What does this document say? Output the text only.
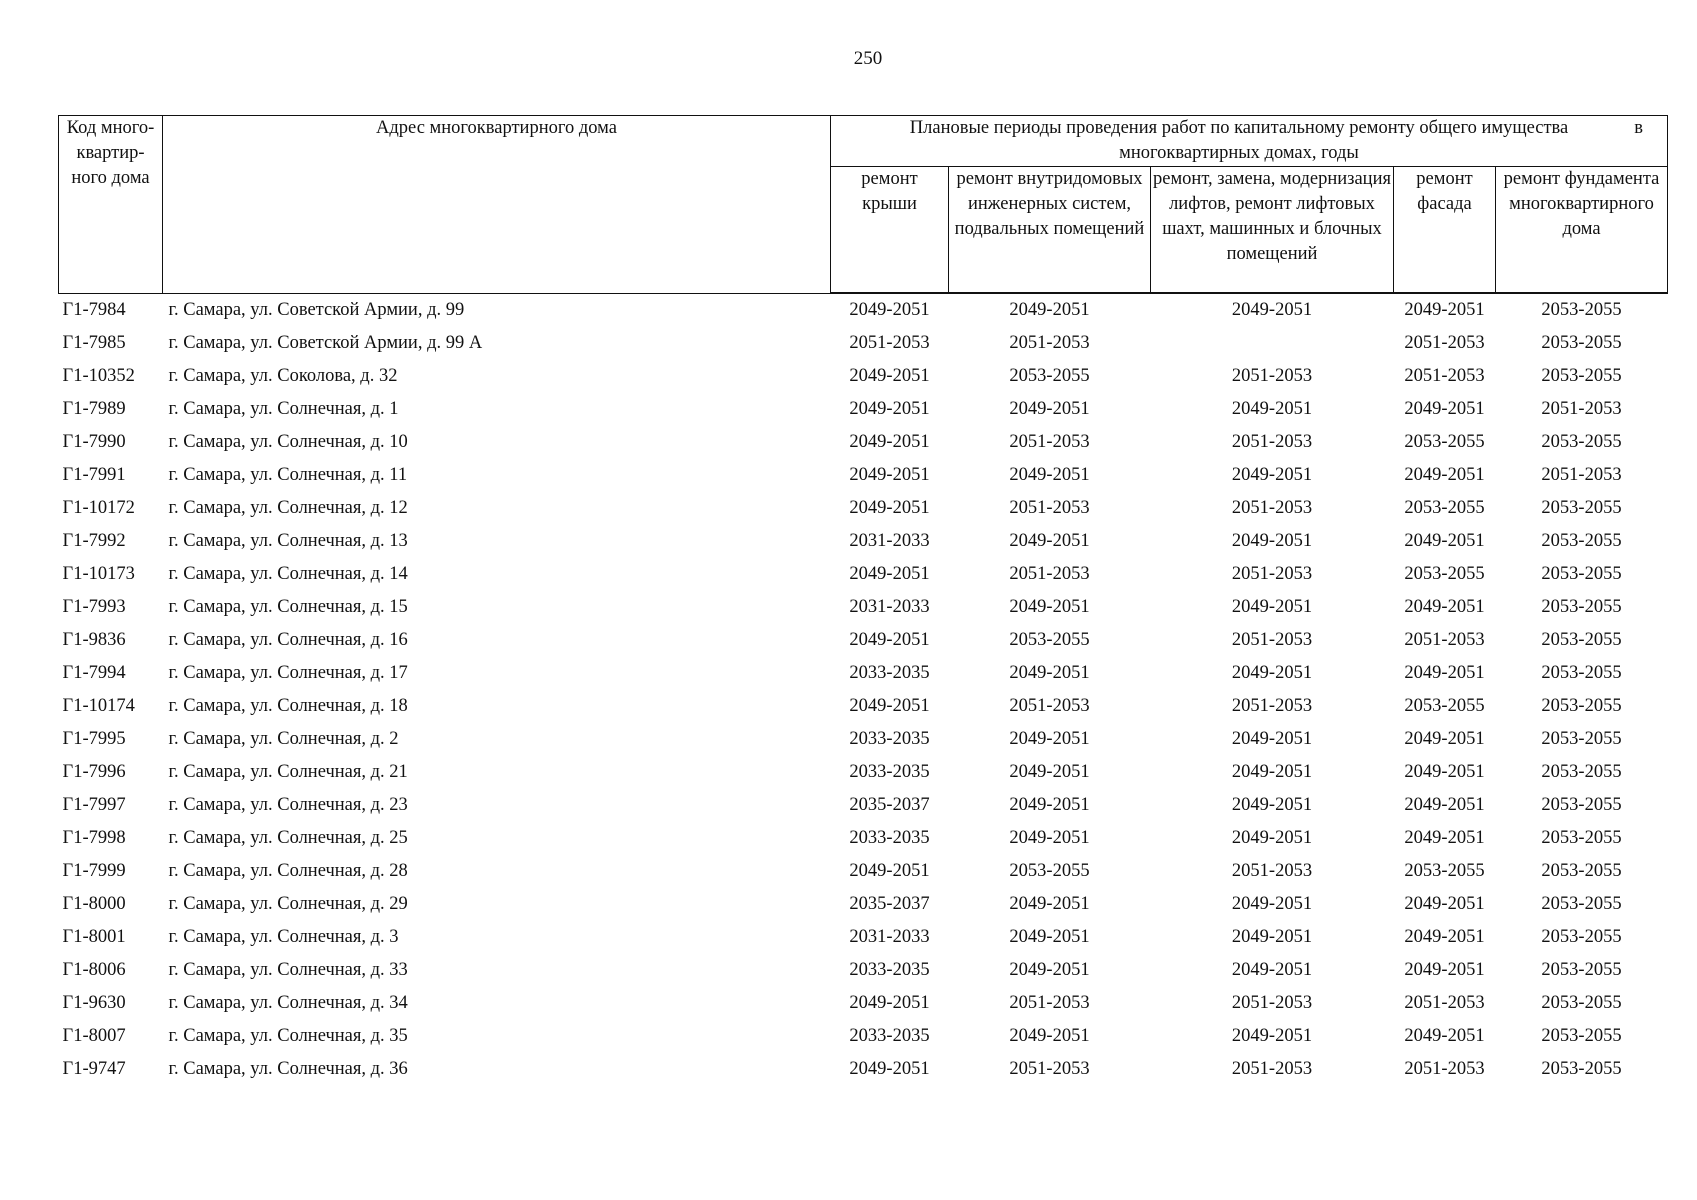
250
Код много-квартир-ного дома	Адрес многоквартирного дома	Плановые периоды проведения работ по капитальному ремонту общего имущества в
многоквартирных домах, годы				

		ремонт крыши	ремонт внутридомовых инженерных систем, подвальных помещений	ремонт, замена, модернизация лифтов, ремонт лифтовых шахт, машинных и блочных помещений	ремонт фасада	ремонт фундамента многоквартирного дома
Г1-7984	г. Самара, ул. Советской Армии, д. 99	2049-2051	2049-2051	2049-2051	2049-2051	2053-2055
Г1-7985	г. Самара, ул. Советской Армии, д. 99 А	2051-2053	2051-2053		2051-2053	2053-2055
Г1-10352	г. Самара, ул. Соколова, д. 32	2049-2051	2053-2055	2051-2053	2051-2053	2053-2055
Г1-7989	г. Самара, ул. Солнечная, д. 1	2049-2051	2049-2051	2049-2051	2049-2051	2051-2053
Г1-7990	г. Самара, ул. Солнечная, д. 10	2049-2051	2051-2053	2051-2053	2053-2055	2053-2055
Г1-7991	г. Самара, ул. Солнечная, д. 11	2049-2051	2049-2051	2049-2051	2049-2051	2051-2053
Г1-10172	г. Самара, ул. Солнечная, д. 12	2049-2051	2051-2053	2051-2053	2053-2055	2053-2055
Г1-7992	г. Самара, ул. Солнечная, д. 13	2031-2033	2049-2051	2049-2051	2049-2051	2053-2055
Г1-10173	г. Самара, ул. Солнечная, д. 14	2049-2051	2051-2053	2051-2053	2053-2055	2053-2055
Г1-7993	г. Самара, ул. Солнечная, д. 15	2031-2033	2049-2051	2049-2051	2049-2051	2053-2055
Г1-9836	г. Самара, ул. Солнечная, д. 16	2049-2051	2053-2055	2051-2053	2051-2053	2053-2055
Г1-7994	г. Самара, ул. Солнечная, д. 17	2033-2035	2049-2051	2049-2051	2049-2051	2053-2055
Г1-10174	г. Самара, ул. Солнечная, д. 18	2049-2051	2051-2053	2051-2053	2053-2055	2053-2055
Г1-7995	г. Самара, ул. Солнечная, д. 2	2033-2035	2049-2051	2049-2051	2049-2051	2053-2055
Г1-7996	г. Самара, ул. Солнечная, д. 21	2033-2035	2049-2051	2049-2051	2049-2051	2053-2055
Г1-7997	г. Самара, ул. Солнечная, д. 23	2035-2037	2049-2051	2049-2051	2049-2051	2053-2055
Г1-7998	г. Самара, ул. Солнечная, д. 25	2033-2035	2049-2051	2049-2051	2049-2051	2053-2055
Г1-7999	г. Самара, ул. Солнечная, д. 28	2049-2051	2053-2055	2051-2053	2053-2055	2053-2055
Г1-8000	г. Самара, ул. Солнечная, д. 29	2035-2037	2049-2051	2049-2051	2049-2051	2053-2055
Г1-8001	г. Самара, ул. Солнечная, д. 3	2031-2033	2049-2051	2049-2051	2049-2051	2053-2055
Г1-8006	г. Самара, ул. Солнечная, д. 33	2033-2035	2049-2051	2049-2051	2049-2051	2053-2055
Г1-9630	г. Самара, ул. Солнечная, д. 34	2049-2051	2051-2053	2051-2053	2051-2053	2053-2055
Г1-8007	г. Самара, ул. Солнечная, д. 35	2033-2035	2049-2051	2049-2051	2049-2051	2053-2055
Г1-9747	г. Самара, ул. Солнечная, д. 36	2049-2051	2051-2053	2051-2053	2051-2053	2053-2055
